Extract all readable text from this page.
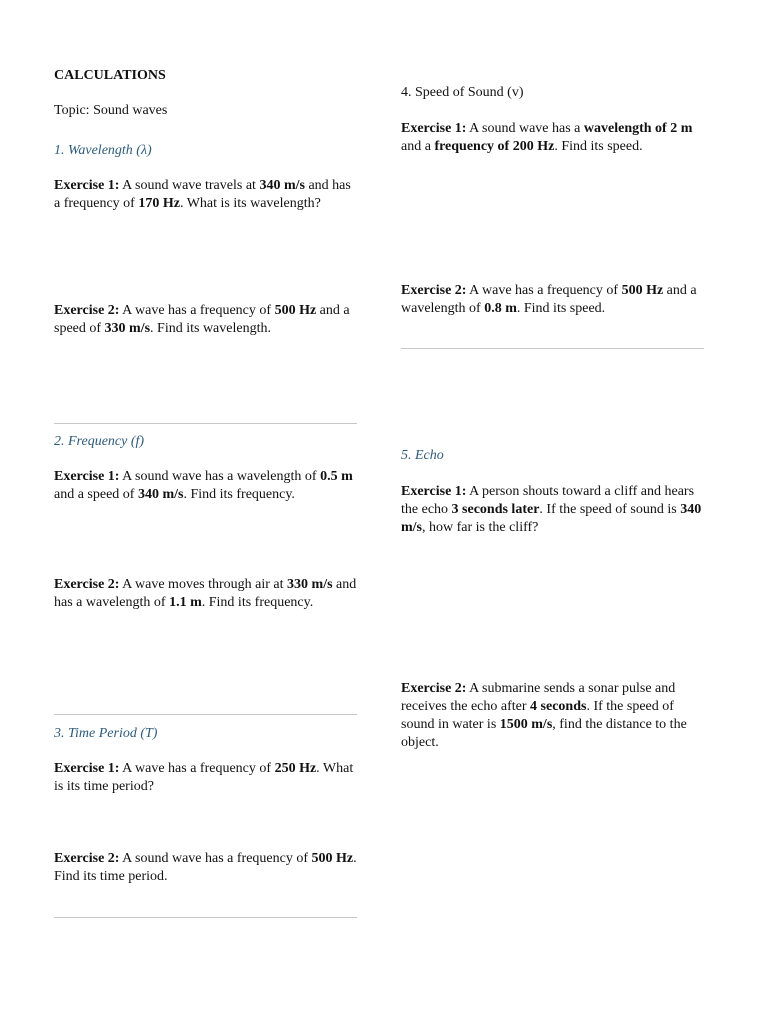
CALCULATIONS
Topic: Sound waves
1. Wavelength (λ)
Exercise 1: A sound wave travels at 340 m/s and has a frequency of 170 Hz. What is its wavelength?
Exercise 2: A wave has a frequency of 500 Hz and a speed of 330 m/s. Find its wavelength.
2. Frequency (f)
Exercise 1: A sound wave has a wavelength of 0.5 m and a speed of 340 m/s. Find its frequency.
Exercise 2: A wave moves through air at 330 m/s and has a wavelength of 1.1 m. Find its frequency.
3. Time Period (T)
Exercise 1: A wave has a frequency of 250 Hz. What is its time period?
Exercise 2: A sound wave has a frequency of 500 Hz. Find its time period.
4. Speed of Sound (v)
Exercise 1: A sound wave has a wavelength of 2 m and a frequency of 200 Hz. Find its speed.
Exercise 2: A wave has a frequency of 500 Hz and a wavelength of 0.8 m. Find its speed.
5. Echo
Exercise 1: A person shouts toward a cliff and hears the echo 3 seconds later. If the speed of sound is 340 m/s, how far is the cliff?
Exercise 2: A submarine sends a sonar pulse and receives the echo after 4 seconds. If the speed of sound in water is 1500 m/s, find the distance to the object.
